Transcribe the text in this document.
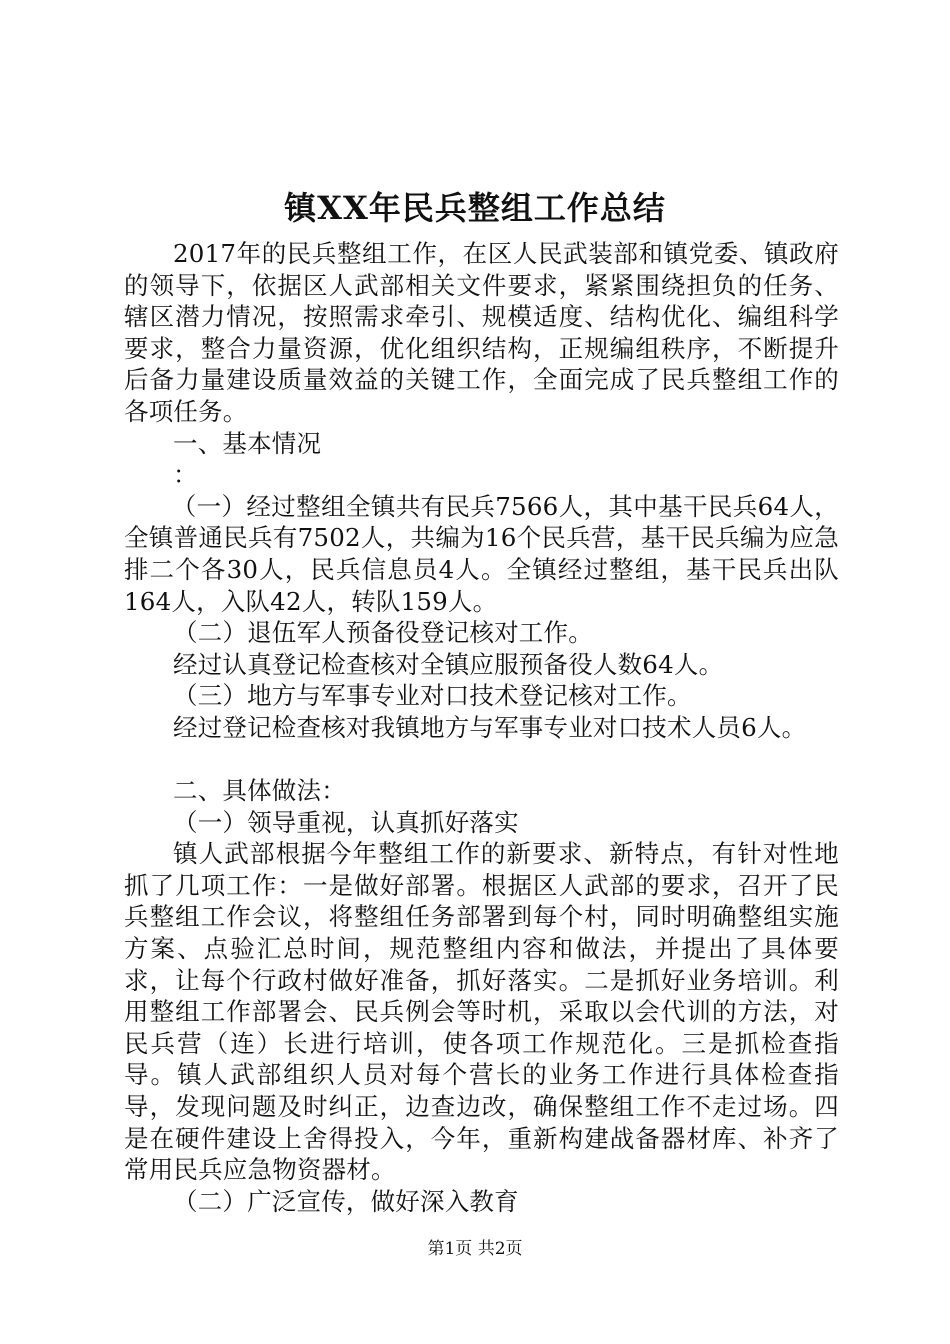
镇XX年民兵整组工作总结

2017年的民兵整组工作，在区人民武装部和镇党委、镇政府的领导下，依据区人武部相关文件要求，紧紧围绕担负的任务、辖区潜力情况，按照需求牵引、规模适度、结构优化、编组科学要求，整合力量资源，优化组织结构，正规编组秩序，不断提升后备力量建设质量效益的关键工作，全面完成了民兵整组工作的各项任务。

一、基本情况

：

（一）经过整组全镇共有民兵7566人，其中基干民兵64人，全镇普通民兵有7502人，共编为16个民兵营，基干民兵编为应急排二个各30人，民兵信息员4人。全镇经过整组，基干民兵出队164人，入队42人，转队159人。

（二）退伍军人预备役登记核对工作。

经过认真登记检查核对全镇应服预备役人数64人。

（三）地方与军事专业对口技术登记核对工作。

经过登记检查核对我镇地方与军事专业对口技术人员6人。

二、具体做法：

（一）领导重视，认真抓好落实

镇人武部根据今年整组工作的新要求、新特点，有针对性地抓了几项工作：一是做好部署。根据区人武部的要求，召开了民兵整组工作会议，将整组任务部署到每个村，同时明确整组实施方案、点验汇总时间，规范整组内容和做法，并提出了具体要求，让每个行政村做好准备，抓好落实。二是抓好业务培训。利用整组工作部署会、民兵例会等时机，采取以会代训的方法，对民兵营（连）长进行培训，使各项工作规范化。三是抓检查指导。镇人武部组织人员对每个营长的业务工作进行具体检查指导，发现问题及时纠正，边查边改，确保整组工作不走过场。四是在硬件建设上舍得投入，今年，重新构建战备器材库、补齐了常用民兵应急物资器材。

（二）广泛宣传，做好深入教育

第1页 共2页
